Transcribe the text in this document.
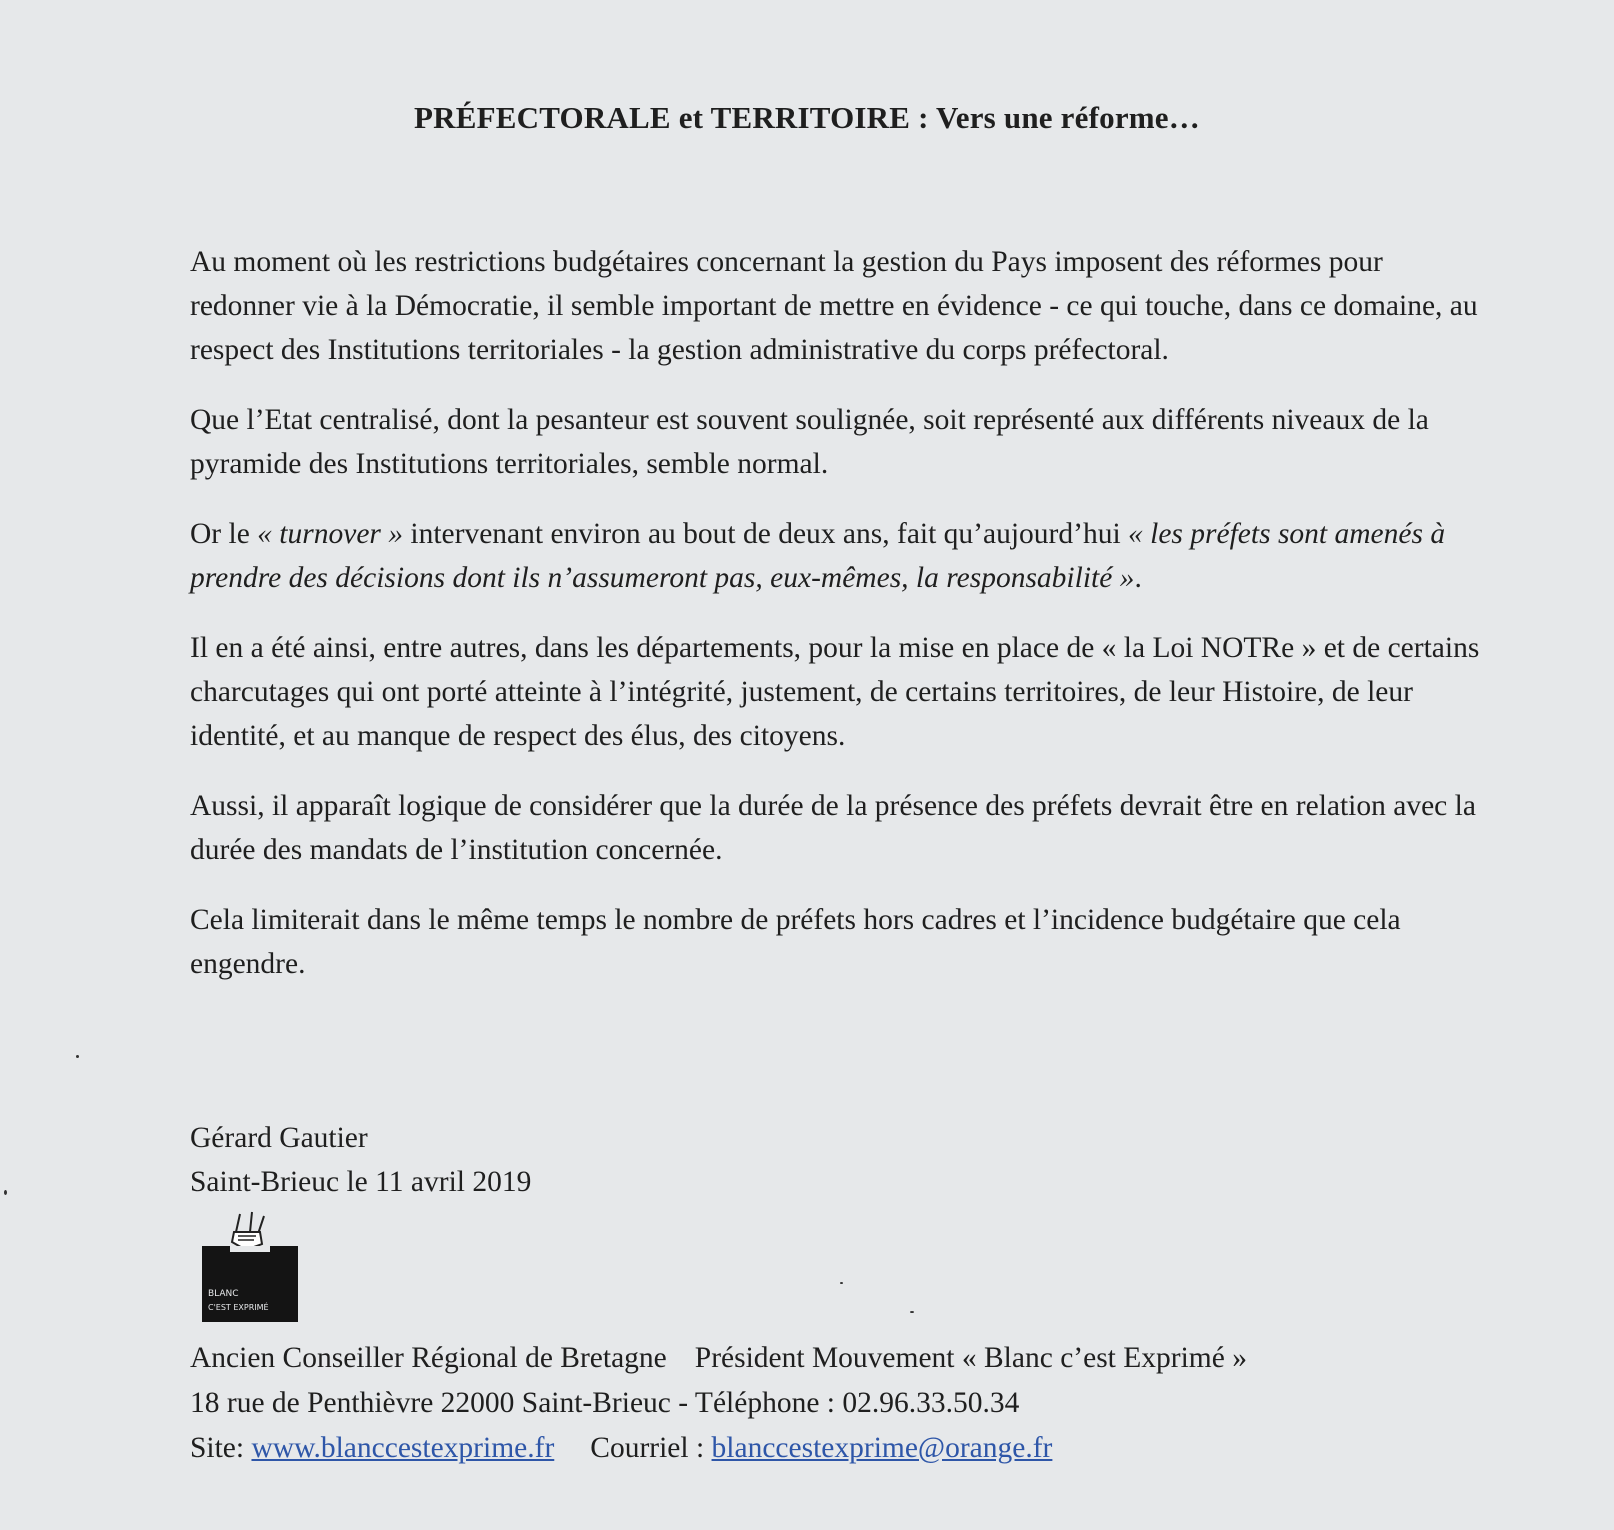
PRÉFECTORALE et TERRITOIRE : Vers une réforme…

Au moment où les restrictions budgétaires concernant la gestion du Pays imposent des réformes pour redonner vie à la Démocratie, il semble important de mettre en évidence - ce qui touche, dans ce domaine, au respect des Institutions territoriales - la gestion administrative du corps préfectoral.

Que l’Etat centralisé, dont la pesanteur est souvent soulignée, soit représenté aux différents niveaux de la pyramide des Institutions territoriales, semble normal.

Or le « turnover » intervenant environ au bout de deux ans, fait qu’aujourd’hui « les préfets sont amenés à prendre des décisions dont ils n’assumeront pas, eux-mêmes, la responsabilité ».

Il en a été ainsi, entre autres, dans les départements, pour la mise en place de « la Loi NOTRe » et de certains charcutages qui ont porté atteinte à l’intégrité, justement, de certains territoires, de leur Histoire, de leur identité, et au manque de respect des élus, des citoyens.

Aussi, il apparaît logique de considérer que la durée de la présence des préfets devrait être en relation avec la durée des mandats de l’institution concernée.

Cela limiterait dans le même temps le nombre de préfets hors cadres et l’incidence budgétaire que cela engendre.

Gérard Gautier
Saint-Brieuc le 11 avril 2019
BLANC
C'EST EXPRIMÉ
Ancien Conseiller Régional de Bretagne Président Mouvement « Blanc c’est Exprimé »
18 rue de Penthièvre 22000 Saint-Brieuc - Téléphone : 02.96.33.50.34
Site: www.blanccestexprime.fr Courriel : blanccestexprime@orange.fr
